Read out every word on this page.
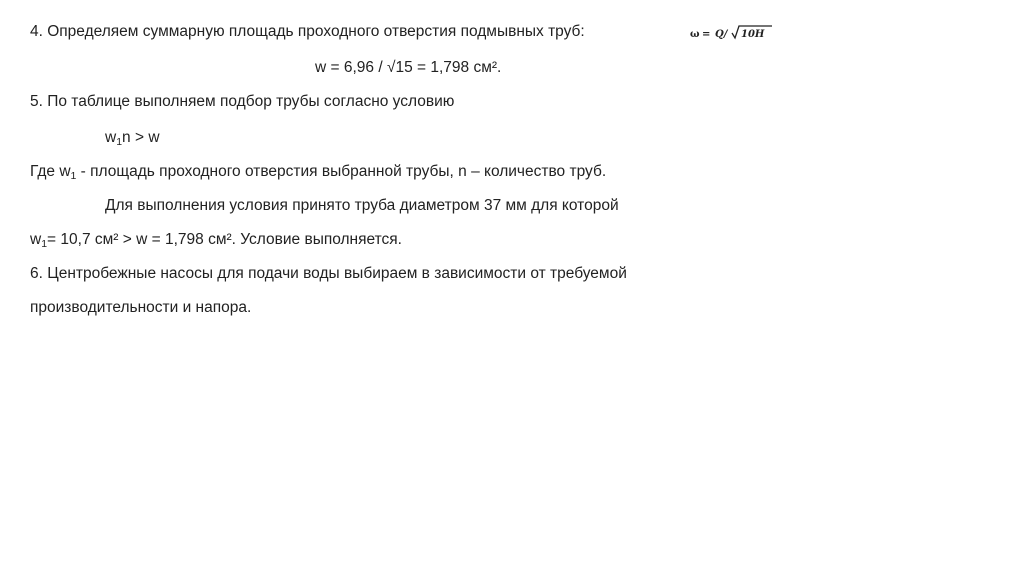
4. Определяем суммарную площадь проходного отверстия подмывных труб:	ω = Q/ 10H
w = 6,96 / √15 = 1,798 см².
5. По таблице выполняем подбор трубы согласно условию
$w_1n > w$
Где $w_1$ - площадь проходного отверстия выбранной трубы, n – количество труб.
Для выполнения условия принято труба диаметром 37 мм для которой
$w_1= 10,7$ см² > w = 1,798 см². Условие выполняется.
6. Центробежные насосы для подачи воды выбираем в зависимости от требуемой
производительности и напора.
